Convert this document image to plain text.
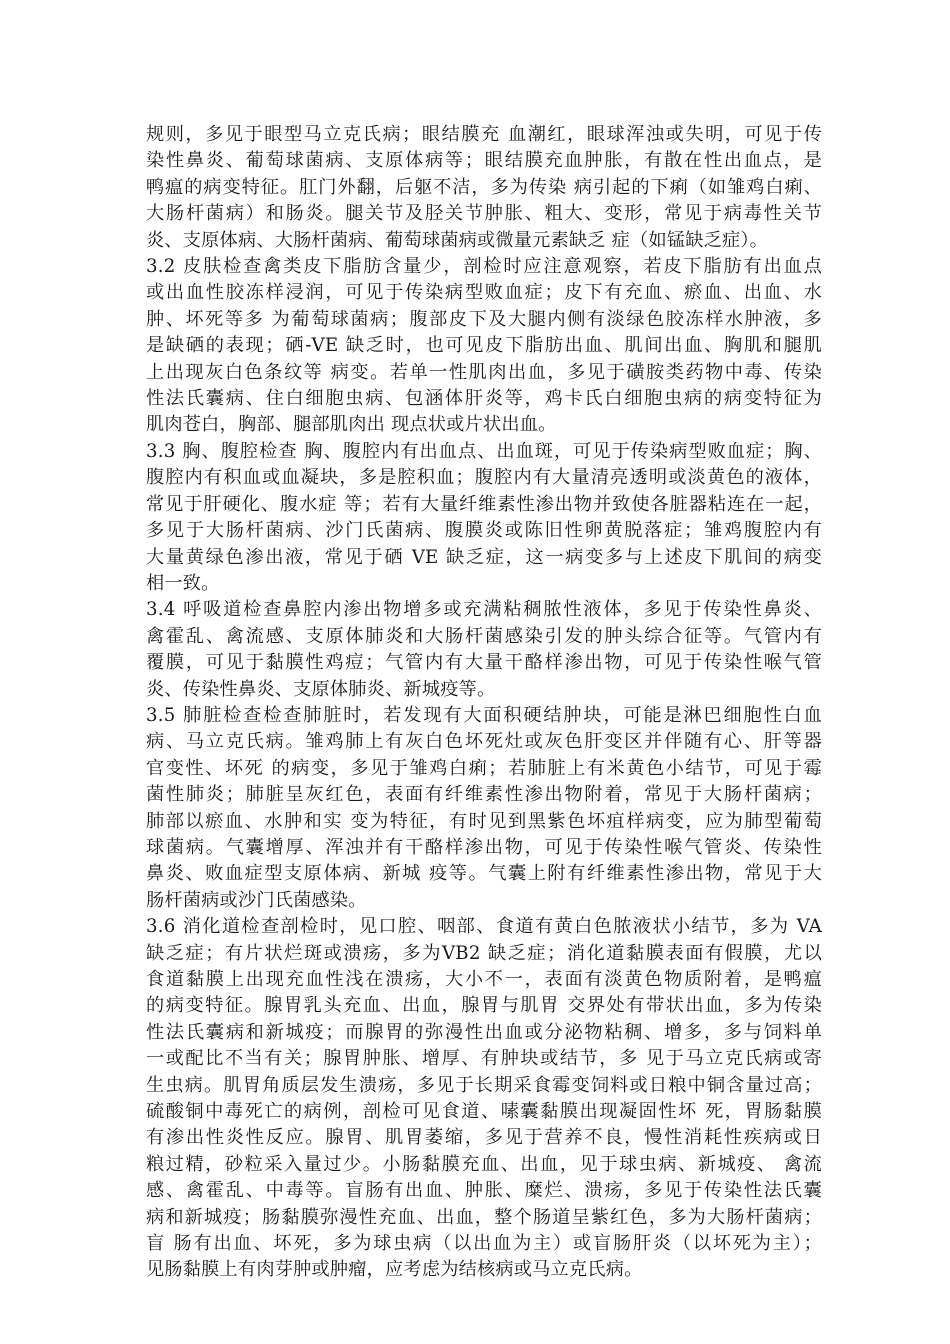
规则，多见于眼型马立克氏病；眼结膜充 血潮红，眼球浑浊或失明，可见于传
染性鼻炎、葡萄球菌病、支原体病等；眼结膜充血肿胀，有散在性出血点，是
鸭瘟的病变特征。肛门外翻，后躯不洁，多为传染 病引起的下痢（如雏鸡白痢、
大肠杆菌病）和肠炎。腿关节及胫关节肿胀、粗大、变形，常见于病毒性关节
炎、支原体病、大肠杆菌病、葡萄球菌病或微量元素缺乏 症（如锰缺乏症）。
3.2 皮肤检查禽类皮下脂肪含量少，剖检时应注意观察，若皮下脂肪有出血点
或出血性胶冻样浸润，可见于传染病型败血症；皮下有充血、瘀血、出血、水
肿、坏死等多 为葡萄球菌病；腹部皮下及大腿内侧有淡绿色胶冻样水肿液，多
是缺硒的表现；硒-VE 缺乏时，也可见皮下脂肪出血、肌间出血、胸肌和腿肌
上出现灰白色条纹等 病变。若单一性肌肉出血，多见于磺胺类药物中毒、传染
性法氏囊病、住白细胞虫病、包涵体肝炎等，鸡卡氏白细胞虫病的病变特征为
肌肉苍白，胸部、腿部肌肉出 现点状或片状出血。
3.3 胸、腹腔检查 胸、腹腔内有出血点、出血斑，可见于传染病型败血症；胸、
腹腔内有积血或血凝块，多是腔积血；腹腔内有大量清亮透明或淡黄色的液体，
常见于肝硬化、腹水症 等；若有大量纤维素性渗出物并致使各脏器粘连在一起，
多见于大肠杆菌病、沙门氏菌病、腹膜炎或陈旧性卵黄脱落症；雏鸡腹腔内有
大量黄绿色渗出液，常见于硒 VE 缺乏症，这一病变多与上述皮下肌间的病变
相一致。
3.4 呼吸道检查鼻腔内渗出物增多或充满粘稠脓性液体，多见于传染性鼻炎、
禽霍乱、禽流感、支原体肺炎和大肠杆菌感染引发的肿头综合征等。气管内有
覆膜，可见于黏膜性鸡痘；气管内有大量干酪样渗出物，可见于传染性喉气管
炎、传染性鼻炎、支原体肺炎、新城疫等。
3.5 肺脏检查检查肺脏时，若发现有大面积硬结肿块，可能是淋巴细胞性白血
病、马立克氏病。雏鸡肺上有灰白色坏死灶或灰色肝变区并伴随有心、肝等器
官变性、坏死 的病变，多见于雏鸡白痢；若肺脏上有米黄色小结节，可见于霉
菌性肺炎；肺脏呈灰红色，表面有纤维素性渗出物附着，常见于大肠杆菌病；
肺部以瘀血、水肿和实 变为特征，有时见到黑紫色坏疽样病变，应为肺型葡萄
球菌病。气囊增厚、浑浊并有干酪样渗出物，可见于传染性喉气管炎、传染性
鼻炎、败血症型支原体病、新城 疫等。气囊上附有纤维素性渗出物，常见于大
肠杆菌病或沙门氏菌感染。
3.6 消化道检查剖检时，见口腔、咽部、食道有黄白色脓液状小结节，多为 VA
缺乏症；有片状烂斑或溃疡，多为VB2 缺乏症；消化道黏膜表面有假膜，尤以
食道黏膜上出现充血性浅在溃疡，大小不一，表面有淡黄色物质附着，是鸭瘟
的病变特征。腺胃乳头充血、出血，腺胃与肌胃 交界处有带状出血，多为传染
性法氏囊病和新城疫；而腺胃的弥漫性出血或分泌物粘稠、增多，多与饲料单
一或配比不当有关；腺胃肿胀、增厚、有肿块或结节，多 见于马立克氏病或寄
生虫病。肌胃角质层发生溃疡，多见于长期采食霉变饲料或日粮中铜含量过高；
硫酸铜中毒死亡的病例，剖检可见食道、嗉囊黏膜出现凝固性坏 死，胃肠黏膜
有渗出性炎性反应。腺胃、肌胃萎缩，多见于营养不良，慢性消耗性疾病或日
粮过精，砂粒采入量过少。小肠黏膜充血、出血，见于球虫病、新城疫、 禽流
感、禽霍乱、中毒等。盲肠有出血、肿胀、糜烂、溃疡，多见于传染性法氏囊
病和新城疫；肠黏膜弥漫性充血、出血，整个肠道呈紫红色，多为大肠杆菌病；
盲 肠有出血、坏死，多为球虫病（以出血为主）或盲肠肝炎（以坏死为主）；
见肠黏膜上有肉芽肿或肿瘤，应考虑为结核病或马立克氏病。
